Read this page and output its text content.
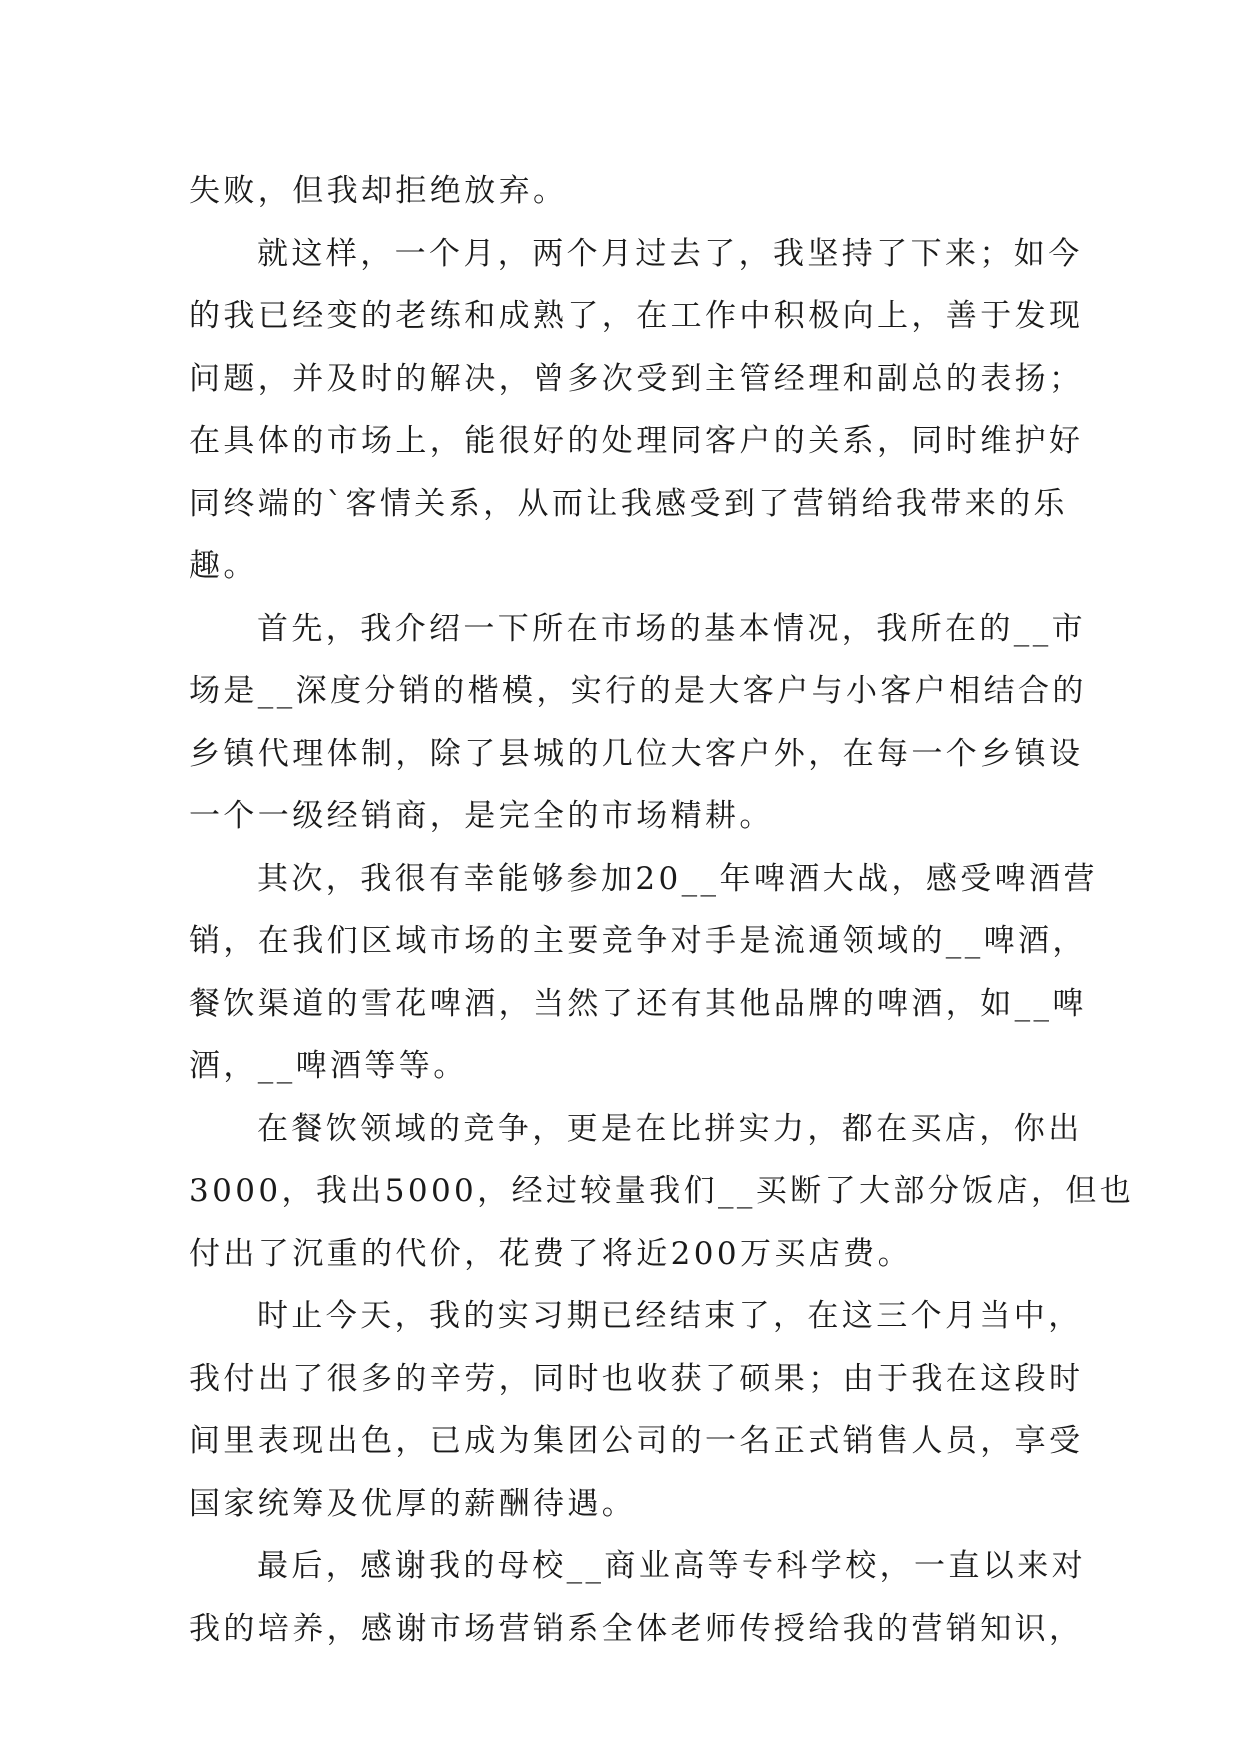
失败，但我却拒绝放弃。
就这样，一个月，两个月过去了，我坚持了下来；如今
的我已经变的老练和成熟了，在工作中积极向上，善于发现
问题，并及时的解决，曾多次受到主管经理和副总的表扬；
在具体的市场上，能很好的处理同客户的关系，同时维护好
同终端的`客情关系，从而让我感受到了营销给我带来的乐
趣。
首先，我介绍一下所在市场的基本情况，我所在的__市
场是__深度分销的楷模，实行的是大客户与小客户相结合的
乡镇代理体制，除了县城的几位大客户外，在每一个乡镇设
一个一级经销商，是完全的市场精耕。
其次，我很有幸能够参加20__年啤酒大战，感受啤酒营
销，在我们区域市场的主要竞争对手是流通领域的__啤酒，
餐饮渠道的雪花啤酒，当然了还有其他品牌的啤酒，如__啤
酒，__啤酒等等。
在餐饮领域的竞争，更是在比拼实力，都在买店，你出
3000，我出5000，经过较量我们__买断了大部分饭店，但也
付出了沉重的代价，花费了将近200万买店费。
时止今天，我的实习期已经结束了，在这三个月当中，
我付出了很多的辛劳，同时也收获了硕果；由于我在这段时
间里表现出色，已成为集团公司的一名正式销售人员，享受
国家统筹及优厚的薪酬待遇。
最后，感谢我的母校__商业高等专科学校，一直以来对
我的培养，感谢市场营销系全体老师传授给我的营销知识，
